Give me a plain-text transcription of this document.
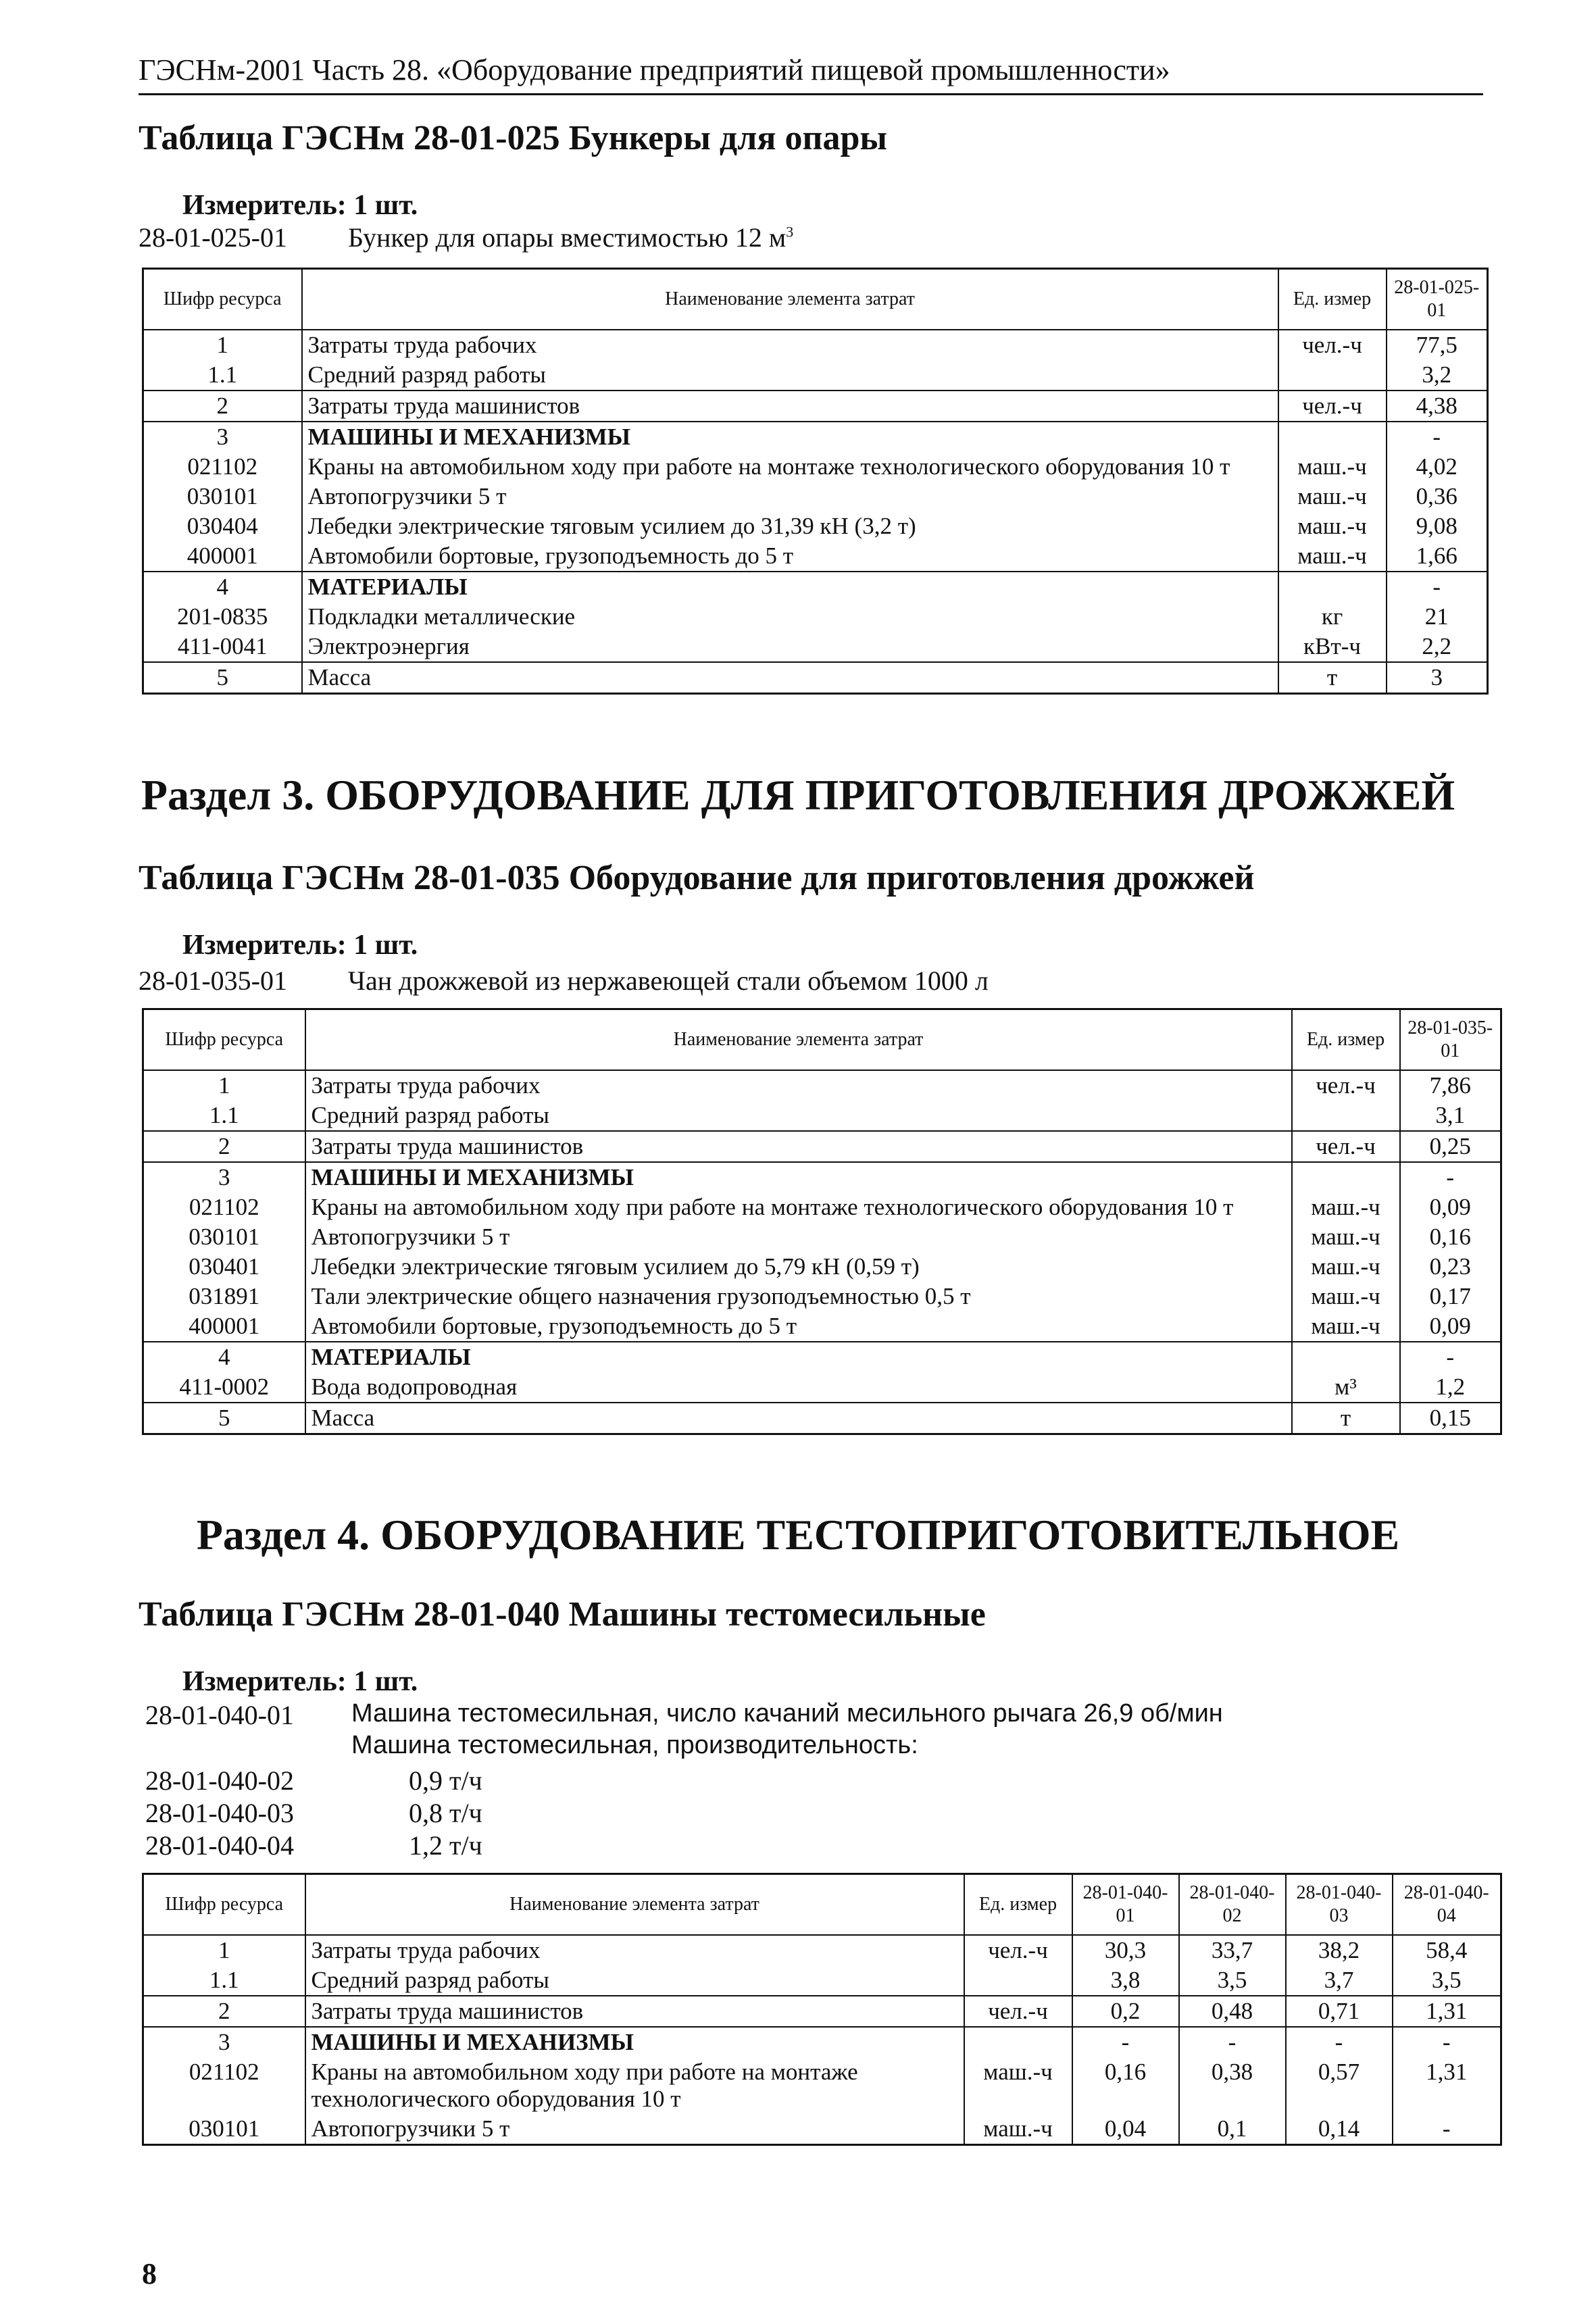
ГЭСНм-2001 Часть 28. «Оборудование предприятий пищевой промышленности»
Таблица ГЭСНм 28-01-025 Бункеры для опары
Измеритель: 1 шт.
28-01-025-01 Бункер для опары вместимостью 12 $м^3$
Шифр ресурса	Наименование элемента затрат	Ед. измер	28-01-025-01
1	Затраты труда рабочих	чел.-ч	77,5
1.1	Средний разряд работы		3,2
2	Затраты труда машинистов	чел.-ч	4,38
3	МАШИНЫ И МЕХАНИЗМЫ		-
021102	Краны на автомобильном ходу при работе на монтаже технологического оборудования 10 т	маш.-ч	4,02
030101	Автопогрузчики 5 т	маш.-ч	0,36
030404	Лебедки электрические тяговым усилием до 31,39 кН (3,2 т)	маш.-ч	9,08
400001	Автомобили бортовые, грузоподъемность до 5 т	маш.-ч	1,66
4	МАТЕРИАЛЫ		-
201-0835	Подкладки металлические	кг	21
411-0041	Электроэнергия	кВт-ч	2,2
5	Масса	т	3
Раздел 3. ОБОРУДОВАНИЕ ДЛЯ ПРИГОТОВЛЕНИЯ ДРОЖЖЕЙ
Таблица ГЭСНм 28-01-035 Оборудование для приготовления дрожжей
Измеритель: 1 шт.
28-01-035-01 Чан дрожжевой из нержавеющей стали объемом 1000 л
Шифр ресурса	Наименование элемента затрат	Ед. измер	28-01-035-01
1	Затраты труда рабочих	чел.-ч	7,86
1.1	Средний разряд работы		3,1
2	Затраты труда машинистов	чел.-ч	0,25
3	МАШИНЫ И МЕХАНИЗМЫ		-
021102	Краны на автомобильном ходу при работе на монтаже технологического оборудования 10 т	маш.-ч	0,09
030101	Автопогрузчики 5 т	маш.-ч	0,16
030401	Лебедки электрические тяговым усилием до 5,79 кН (0,59 т)	маш.-ч	0,23
031891	Тали электрические общего назначения грузоподъемностью 0,5 т	маш.-ч	0,17
400001	Автомобили бортовые, грузоподъемность до 5 т	маш.-ч	0,09
4	МАТЕРИАЛЫ		-
411-0002	Вода водопроводная	м³	1,2
5	Масса	т	0,15
Раздел 4. ОБОРУДОВАНИЕ ТЕСТОПРИГОТОВИТЕЛЬНОЕ
Таблица ГЭСНм 28-01-040 Машины тестомесильные
Измеритель: 1 шт.
28-01-040-01 Машина тестомесильная, число качаний месильного рычага 26,9 об/мин
Машина тестомесильная, производительность:
28-01-040-02	0,9 т/ч
28-01-040-03	0,8 т/ч
28-01-040-04	1,2 т/ч
Шифр ресурса	Наименование элемента затрат	Ед. измер	28-01-040-01	28-01-040-02	28-01-040-03	28-01-040-04
1	Затраты труда рабочих	чел.-ч	30,3	33,7	38,2	58,4
1.1	Средний разряд работы		3,8	3,5	3,7	3,5
2	Затраты труда машинистов	чел.-ч	0,2	0,48	0,71	1,31
3	МАШИНЫ И МЕХАНИЗМЫ		-	-	-	-
021102	Краны на автомобильном ходу при работе на монтаже технологического оборудования 10 т	маш.-ч	0,16	0,38	0,57	1,31
030101	Автопогрузчики 5 т	маш.-ч	0,04	0,1	0,14	-
8
